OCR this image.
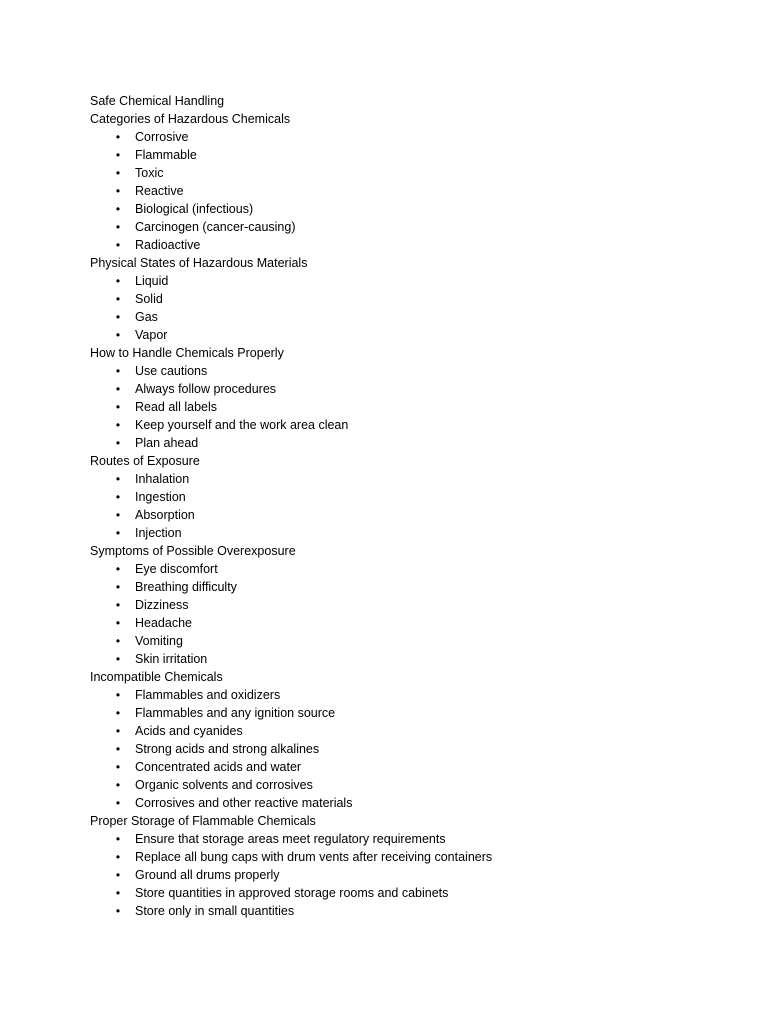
Safe Chemical Handling
Categories of Hazardous Chemicals
• Corrosive
• Flammable
• Toxic
• Reactive
• Biological (infectious)
• Carcinogen (cancer-causing)
• Radioactive
Physical States of Hazardous Materials
• Liquid
• Solid
• Gas
• Vapor
How to Handle Chemicals Properly
• Use cautions
• Always follow procedures
• Read all labels
• Keep yourself and the work area clean
• Plan ahead
Routes of Exposure
• Inhalation
• Ingestion
• Absorption
• Injection
Symptoms of Possible Overexposure
• Eye discomfort
• Breathing difficulty
• Dizziness
• Headache
• Vomiting
• Skin irritation
Incompatible Chemicals
• Flammables and oxidizers
• Flammables and any ignition source
• Acids and cyanides
• Strong acids and strong alkalines
• Concentrated acids and water
• Organic solvents and corrosives
• Corrosives and other reactive materials
Proper Storage of Flammable Chemicals
• Ensure that storage areas meet regulatory requirements
• Replace all bung caps with drum vents after receiving containers
• Ground all drums properly
• Store quantities in approved storage rooms and cabinets
• Store only in small quantities
